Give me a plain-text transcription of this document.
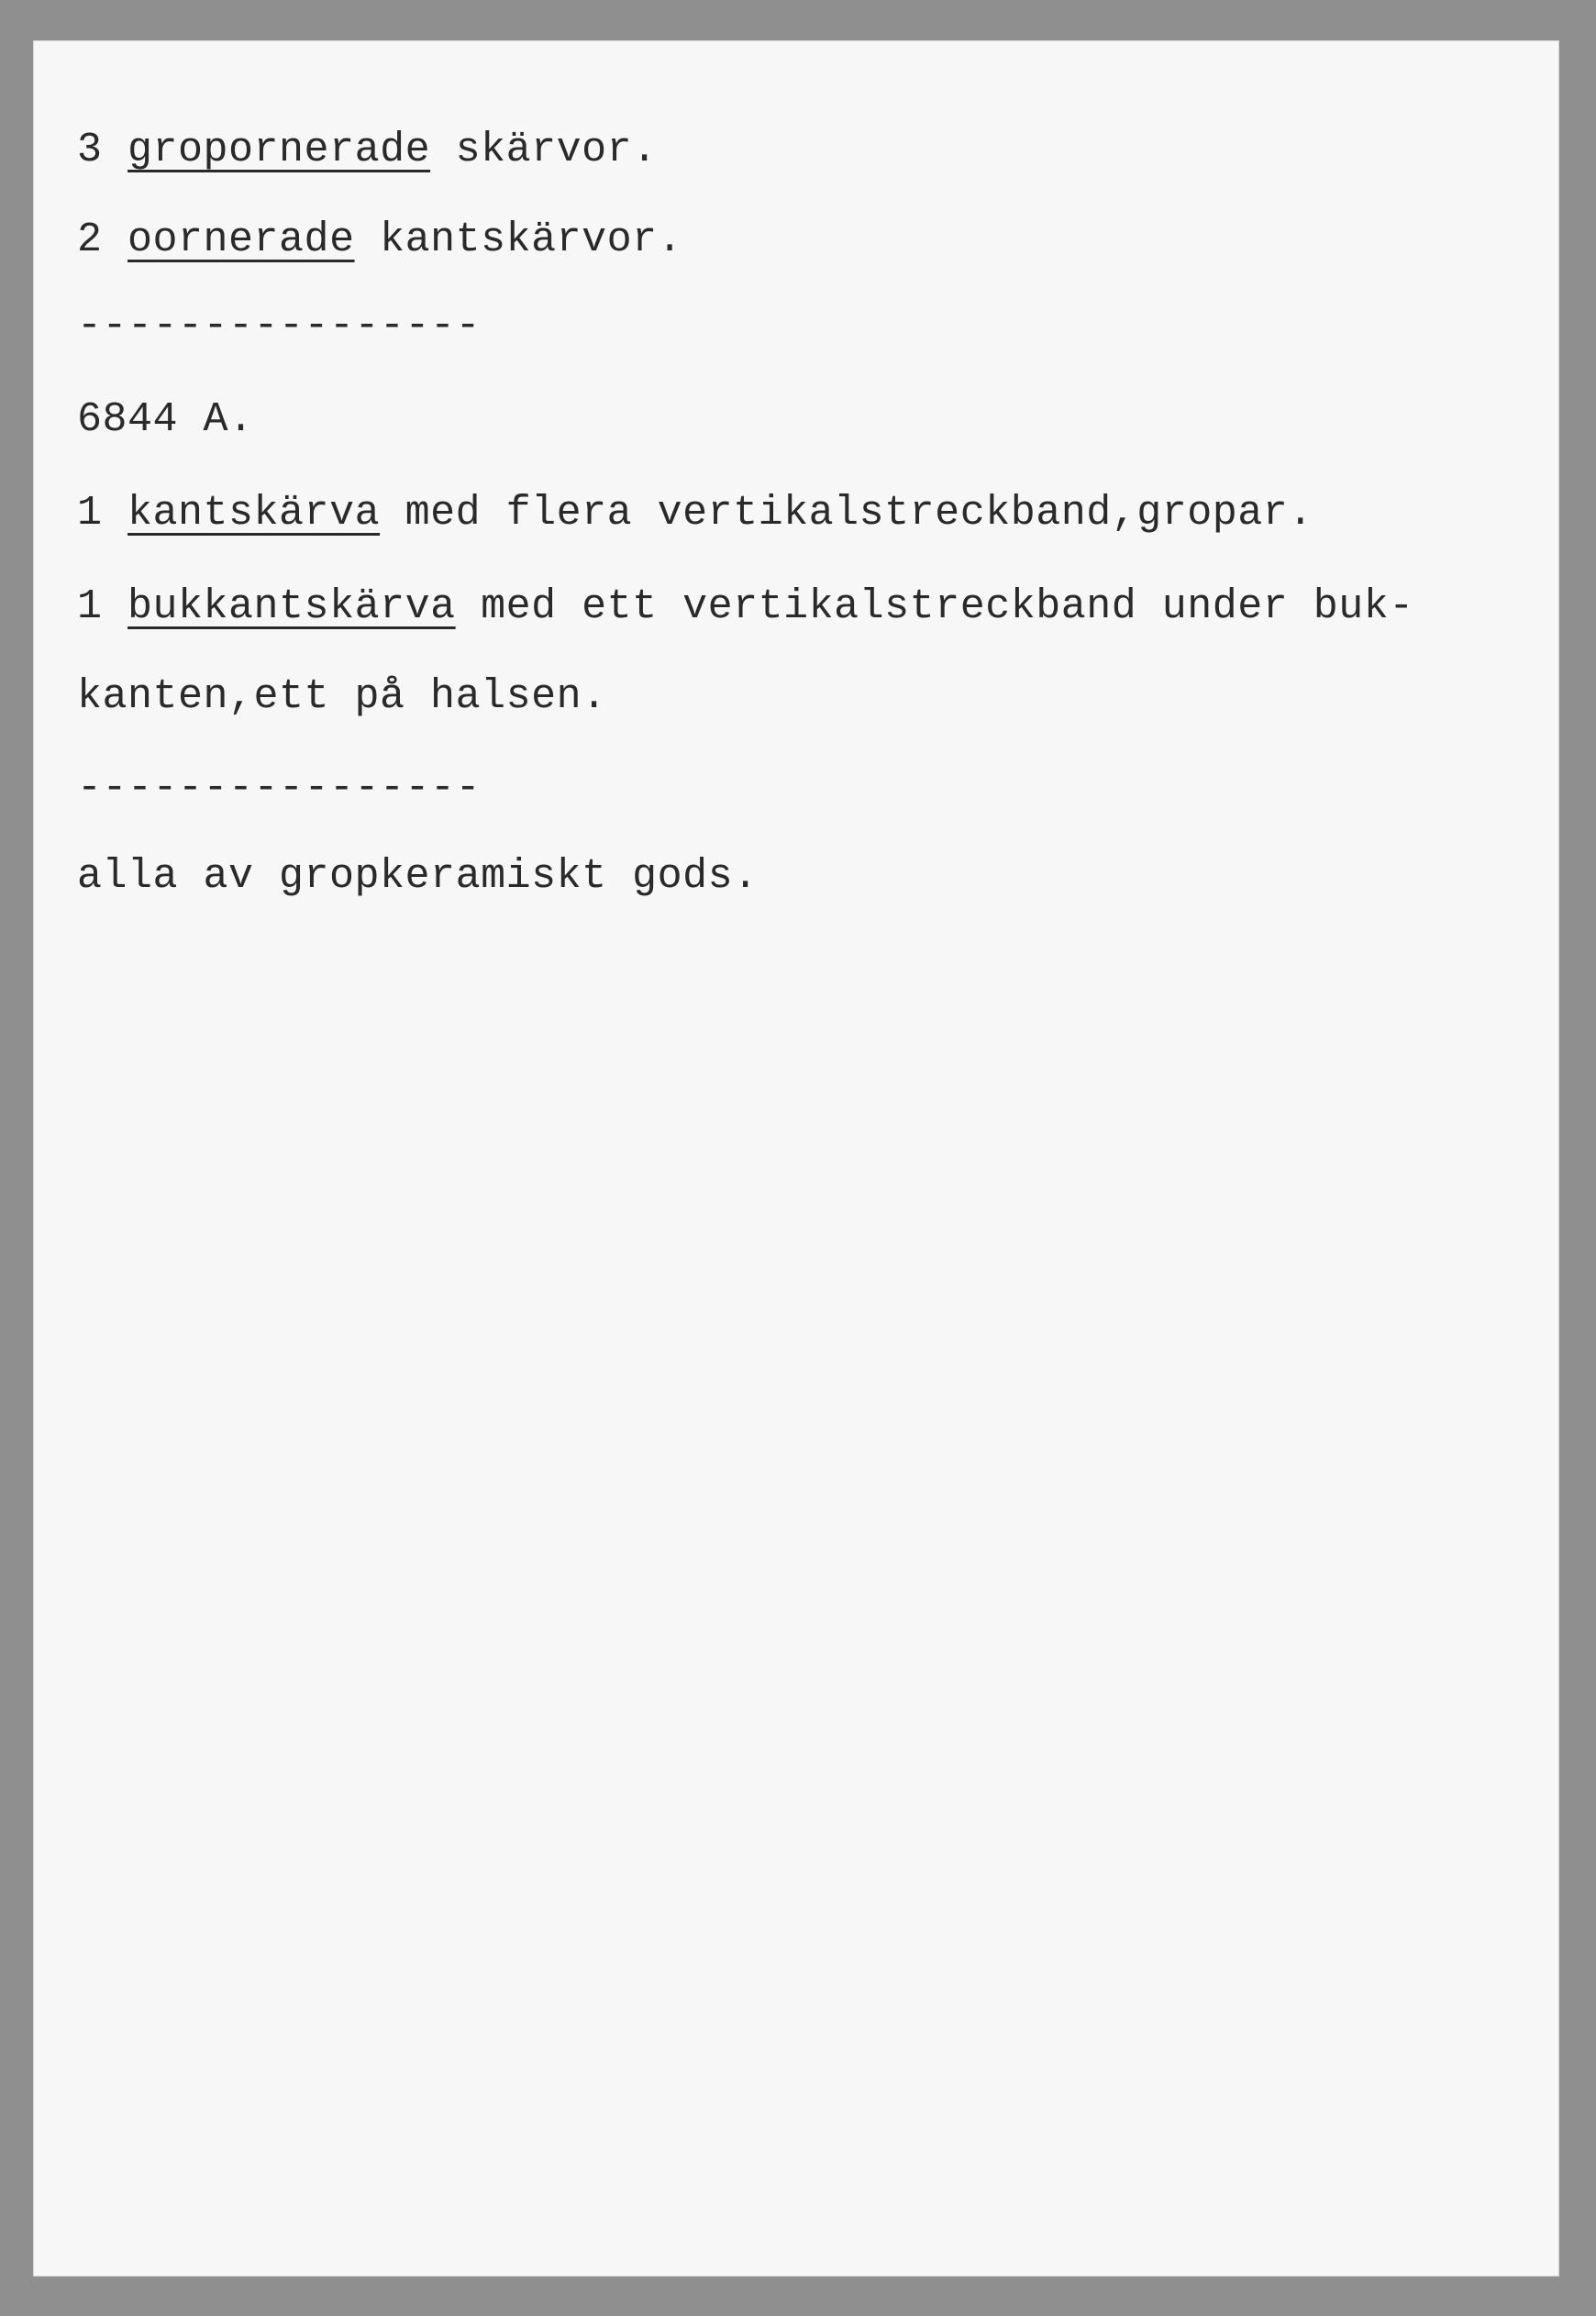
3 gropornerade skärvor.
2 oornerade kantskärvor.
----------------
6844 A.
1 kantskärva med flera vertikalstreckband,gropar.
1 bukkantskärva med ett vertikalstreckband under buk-
kanten,ett på halsen.
----------------
alla av gropkeramiskt gods.
